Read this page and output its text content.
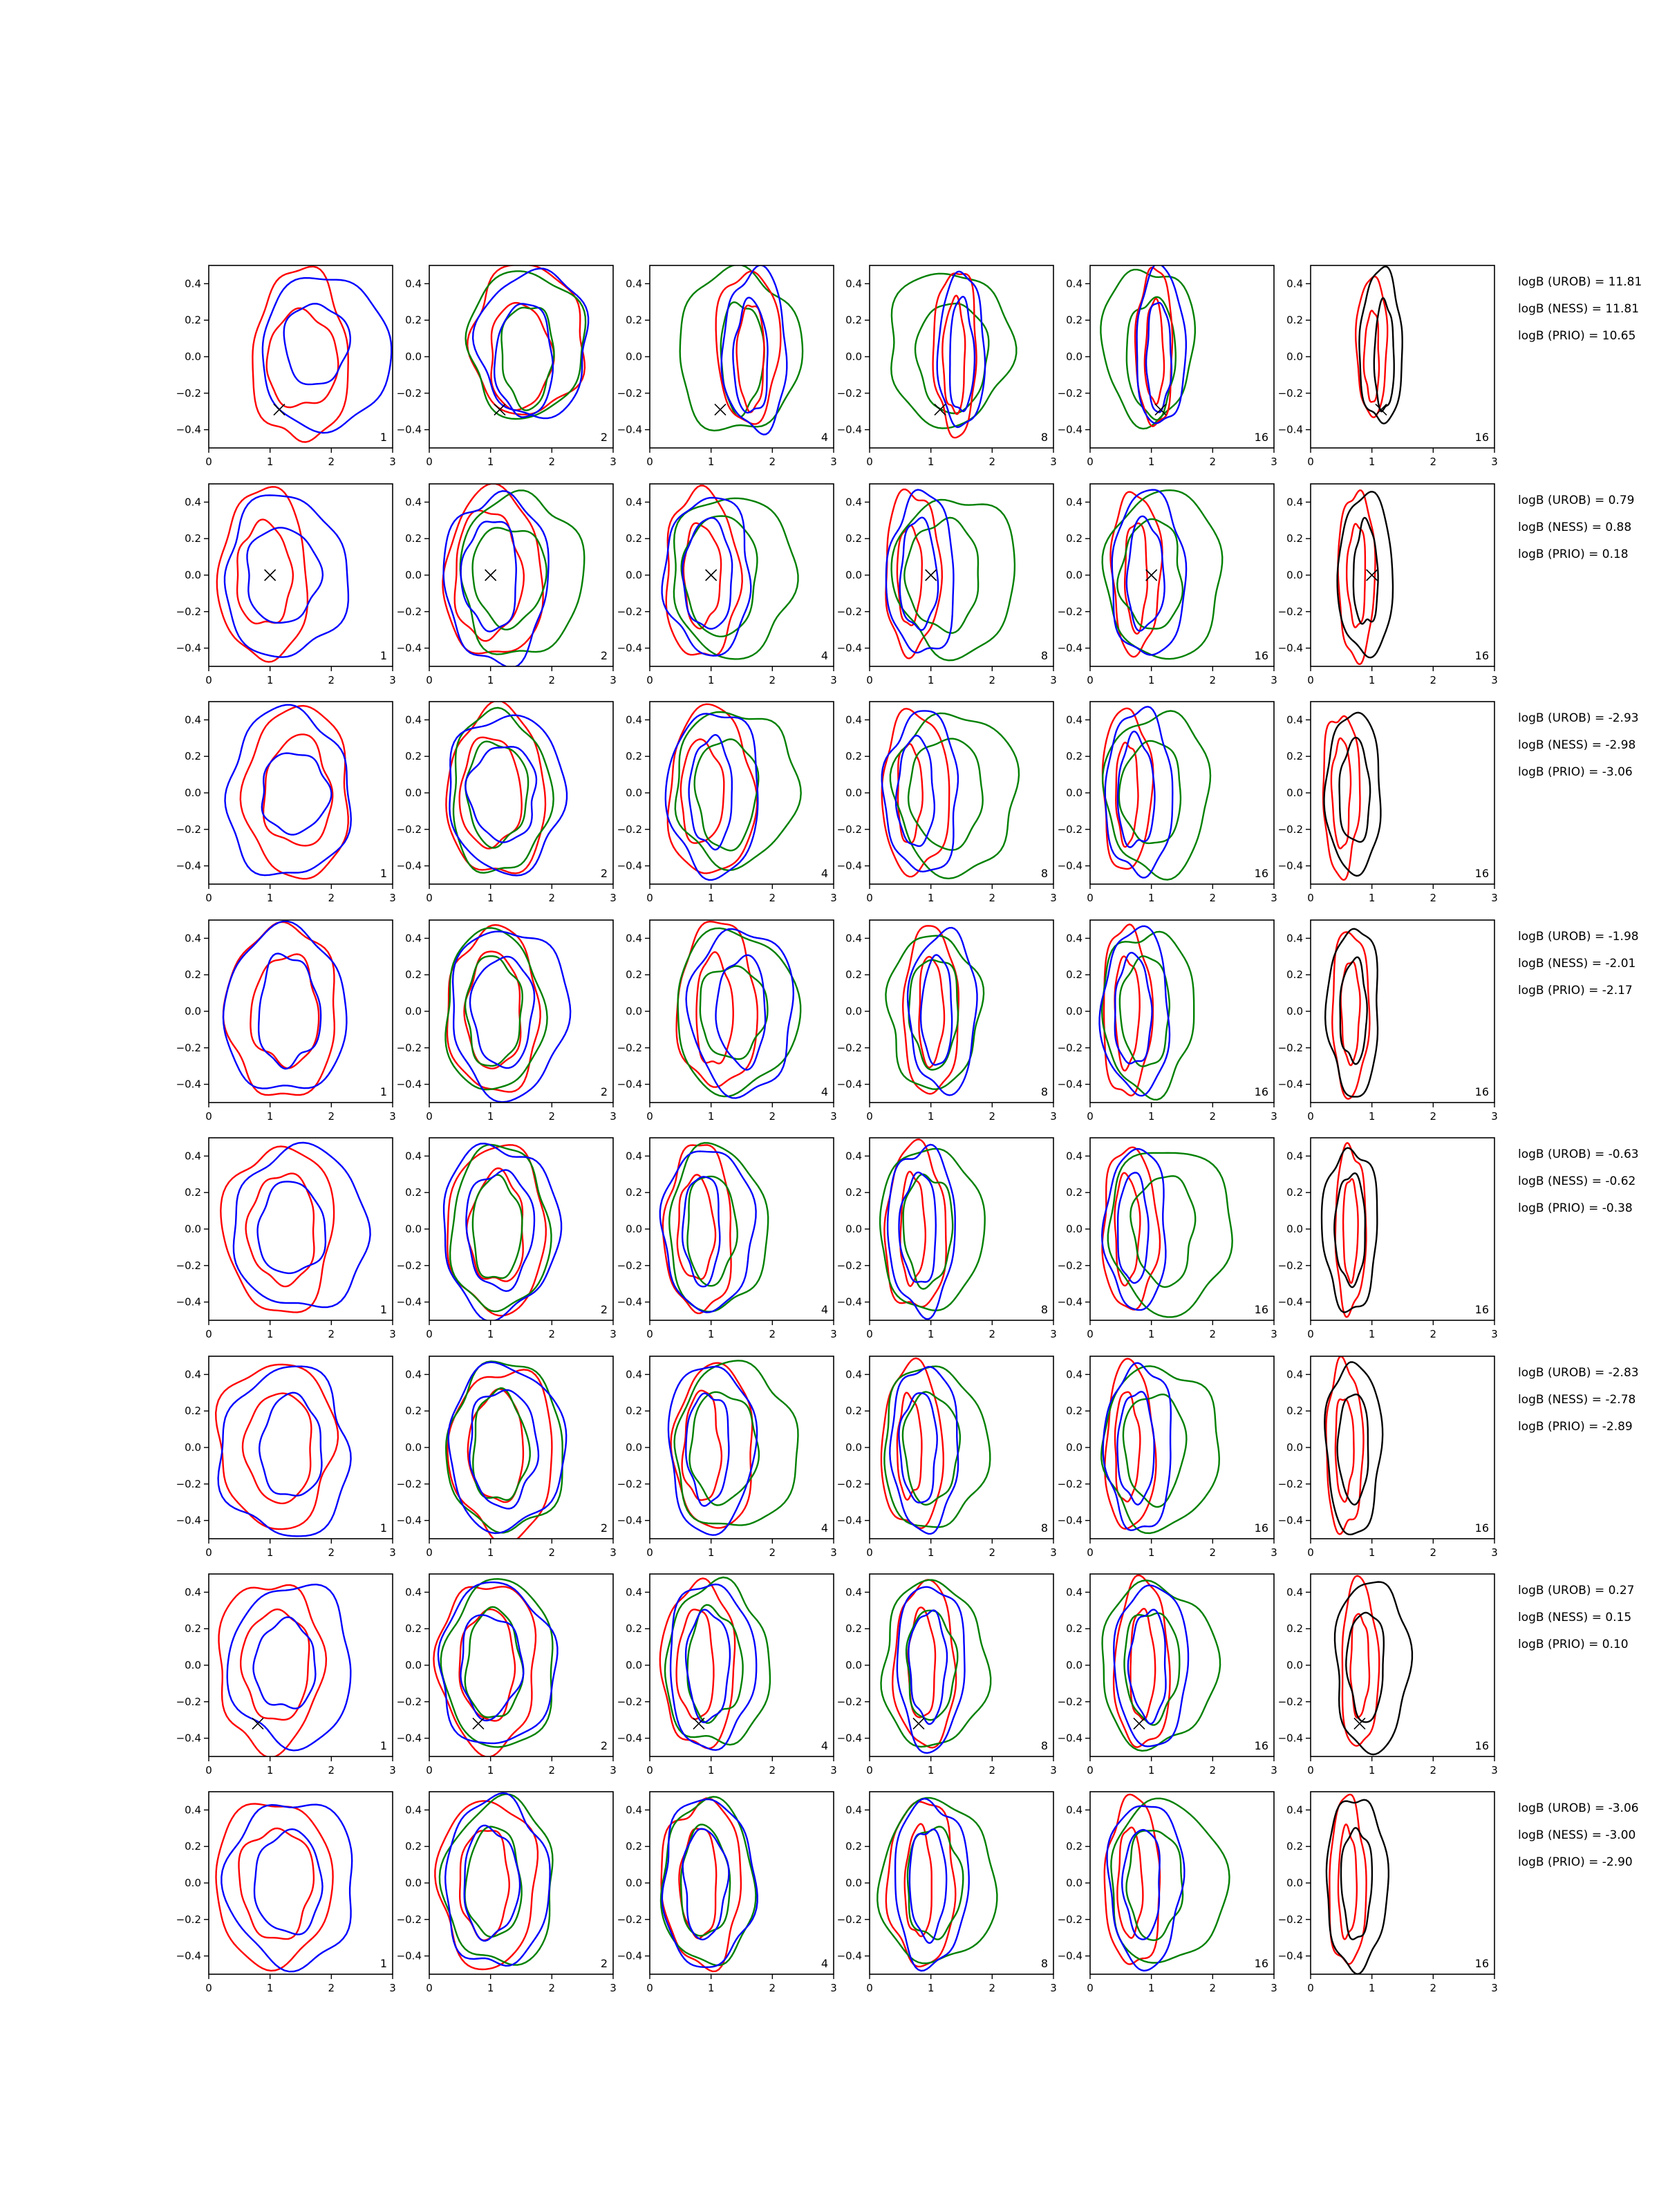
0	1	2	3
−0.4
−0.2
0.0
0.2
0.4
1
0	1	2	3
−0.4
−0.2
0.0
0.2
0.4
2
0	1	2	3
−0.4
−0.2
0.0
0.2
0.4
4
0	1	2	3
−0.4
−0.2
0.0
0.2
0.4
8
0	1	2	3
−0.4
−0.2
0.0
0.2
0.4
16
0	1	2	3
−0.4
−0.2
0.0
0.2
0.4
16
0	1	2	3
−0.4
−0.2
0.0
0.2
0.4
1
0	1	2	3
−0.4
−0.2
0.0
0.2
0.4
2
0	1	2	3
−0.4
−0.2
0.0
0.2
0.4
4
0	1	2	3
−0.4
−0.2
0.0
0.2
0.4
8
0	1	2	3
−0.4
−0.2
0.0
0.2
0.4
16
0	1	2	3
−0.4
−0.2
0.0
0.2
0.4
16
0	1	2	3
−0.4
−0.2
0.0
0.2
0.4
1
0	1	2	3
−0.4
−0.2
0.0
0.2
0.4
2
0	1	2	3
−0.4
−0.2
0.0
0.2
0.4
4
0	1	2	3
−0.4
−0.2
0.0
0.2
0.4
8
0	1	2	3
−0.4
−0.2
0.0
0.2
0.4
16
0	1	2	3
−0.4
−0.2
0.0
0.2
0.4
16
0	1	2	3
−0.4
−0.2
0.0
0.2
0.4
1
0	1	2	3
−0.4
−0.2
0.0
0.2
0.4
2
0	1	2	3
−0.4
−0.2
0.0
0.2
0.4
4
0	1	2	3
−0.4
−0.2
0.0
0.2
0.4
8
0	1	2	3
−0.4
−0.2
0.0
0.2
0.4
16
0	1	2	3
−0.4
−0.2
0.0
0.2
0.4
16
0	1	2	3
−0.4
−0.2
0.0
0.2
0.4
1
0	1	2	3
−0.4
−0.2
0.0
0.2
0.4
2
0	1	2	3
−0.4
−0.2
0.0
0.2
0.4
4
0	1	2	3
−0.4
−0.2
0.0
0.2
0.4
8
0	1	2	3
−0.4
−0.2
0.0
0.2
0.4
16
0	1	2	3
−0.4
−0.2
0.0
0.2
0.4
16
0	1	2	3
−0.4
−0.2
0.0
0.2
0.4
1
0	1	2	3
−0.4
−0.2
0.0
0.2
0.4
2
0	1	2	3
−0.4
−0.2
0.0
0.2
0.4
4
0	1	2	3
−0.4
−0.2
0.0
0.2
0.4
8
0	1	2	3
−0.4
−0.2
0.0
0.2
0.4
16
0	1	2	3
−0.4
−0.2
0.0
0.2
0.4
16
0	1	2	3
−0.4
−0.2
0.0
0.2
0.4
1
0	1	2	3
−0.4
−0.2
0.0
0.2
0.4
2
0	1	2	3
−0.4
−0.2
0.0
0.2
0.4
4
0	1	2	3
−0.4
−0.2
0.0
0.2
0.4
8
0	1	2	3
−0.4
−0.2
0.0
0.2
0.4
16
0	1	2	3
−0.4
−0.2
0.0
0.2
0.4
16
0	1	2	3
−0.4
−0.2
0.0
0.2
0.4
1
0	1	2	3
−0.4
−0.2
0.0
0.2
0.4
2
0	1	2	3
−0.4
−0.2
0.0
0.2
0.4
4
0	1	2	3
−0.4
−0.2
0.0
0.2
0.4
8
0	1	2	3
−0.4
−0.2
0.0
0.2
0.4
16
0	1	2	3
−0.4
−0.2
0.0
0.2
0.4
16
logB (UROB) = 11.81
logB (NESS) = 11.81
logB (PRIO) = 10.65
logB (UROB) = 0.79
logB (NESS) = 0.88
logB (PRIO) = 0.18
logB (UROB) = -2.93
logB (NESS) = -2.98
logB (PRIO) = -3.06
logB (UROB) = -1.98
logB (NESS) = -2.01
logB (PRIO) = -2.17
logB (UROB) = -0.63
logB (NESS) = -0.62
logB (PRIO) = -0.38
logB (UROB) = -2.83
logB (NESS) = -2.78
logB (PRIO) = -2.89
logB (UROB) = 0.27
logB (NESS) = 0.15
logB (PRIO) = 0.10
logB (UROB) = -3.06
logB (NESS) = -3.00
logB (PRIO) = -2.90
